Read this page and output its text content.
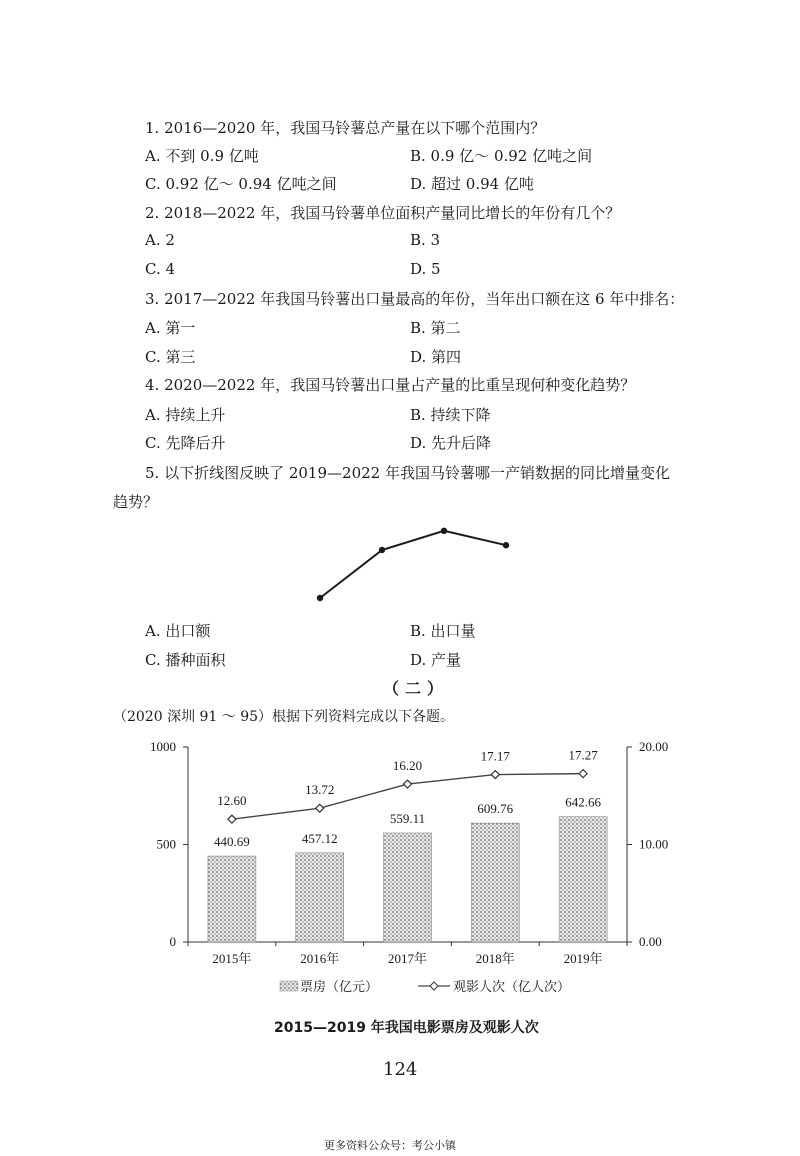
1. 2016—2020 年，我国马铃薯总产量在以下哪个范围内？
A. 不到 0.9 亿吨	B. 0.9 亿～ 0.92 亿吨之间
C. 0.92 亿～ 0.94 亿吨之间	D. 超过 0.94 亿吨
2. 2018—2022 年，我国马铃薯单位面积产量同比增长的年份有几个？
A. 2	B. 3
C. 4	D. 5
3. 2017—2022 年我国马铃薯出口量最高的年份，当年出口额在这 6 年中排名：
A. 第一	B. 第二
C. 第三	D. 第四
4. 2020—2022 年，我国马铃薯出口量占产量的比重呈现何种变化趋势？
A. 持续上升	B. 持续下降
C. 先降后升	D. 先升后降
5. 以下折线图反映了 2019—2022 年我国马铃薯哪一产销数据的同比增量变化
趋势？
A. 出口额	B. 出口量
C. 播种面积	D. 产量
（二）
（2020 深圳 91 ～ 95）根据下列资料完成以下各题。
0	0.00
500	10.00
1000	20.00
440.69	457.12
559.11
609.76	642.66
12.60
13.72
16.20
17.17	17.27
2015年	2016年	2017年	2018年	2019年
票房（亿元）	观影人次（亿人次）
2015—2019 年我国电影票房及观影人次
124
更多资料公众号：考公小镇
